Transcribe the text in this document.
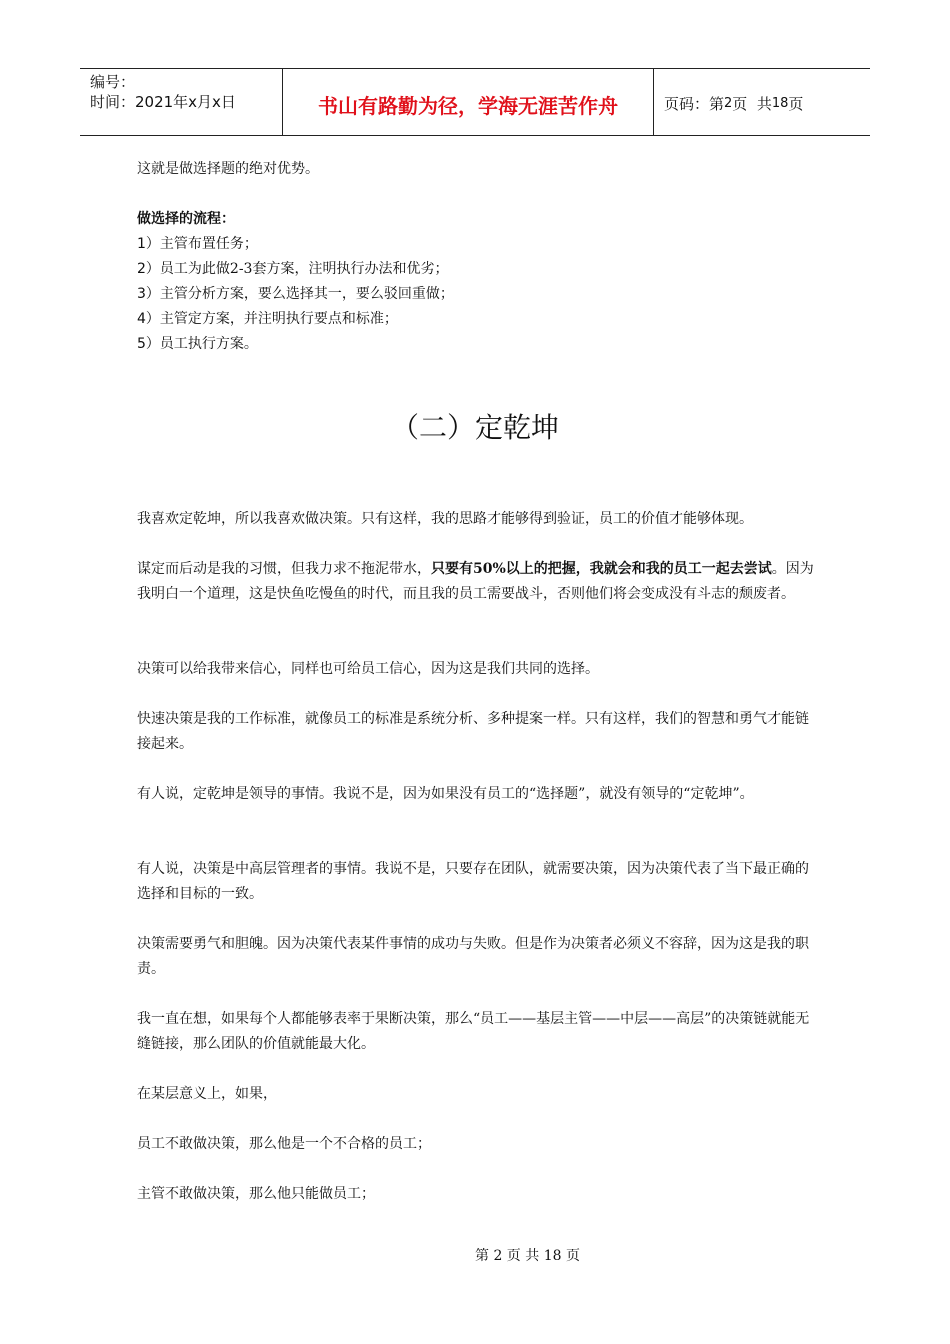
编号：
时间：2021年x月x日	书山有路勤为径，学海无涯苦作舟	页码：第 2 页  共 18 页

这就是做选择题的绝对优势。

做选择的流程：

1）主管布置任务；

2）员工为此做2-3套方案，注明执行办法和优劣；

3）主管分析方案，要么选择其一，要么驳回重做；

4）主管定方案，并注明执行要点和标准；

5）员工执行方案。

（二）定乾坤

我喜欢定乾坤，所以我喜欢做决策。只有这样，我的思路才能够得到验证，员工的价值才能够体现。

谋定而后动是我的习惯，但我力求不拖泥带水，只要有50%以上的把握，我就会和我的员工一起去尝试。因为我明白一个道理，这是快鱼吃慢鱼的时代，而且我的员工需要战斗，否则他们将会变成没有斗志的颓废者。

决策可以给我带来信心，同样也可给员工信心，因为这是我们共同的选择。

快速决策是我的工作标准，就像员工的标准是系统分析、多种提案一样。只有这样，我们的智慧和勇气才能链接起来。

有人说，定乾坤是领导的事情。我说不是，因为如果没有员工的“选择题”，就没有领导的“定乾坤”。

有人说，决策是中高层管理者的事情。我说不是，只要存在团队，就需要决策，因为决策代表了当下最正确的选择和目标的一致。

决策需要勇气和胆魄。因为决策代表某件事情的成功与失败。但是作为决策者必须义不容辞，因为这是我的职责。

我一直在想，如果每个人都能够表率于果断决策，那么“员工——基层主管——中层——高层”的决策链就能无缝链接，那么团队的价值就能最大化。

在某层意义上，如果，

员工不敢做决策，那么他是一个不合格的员工；

主管不敢做决策，那么他只能做员工；

第 2 页 共 18 页
